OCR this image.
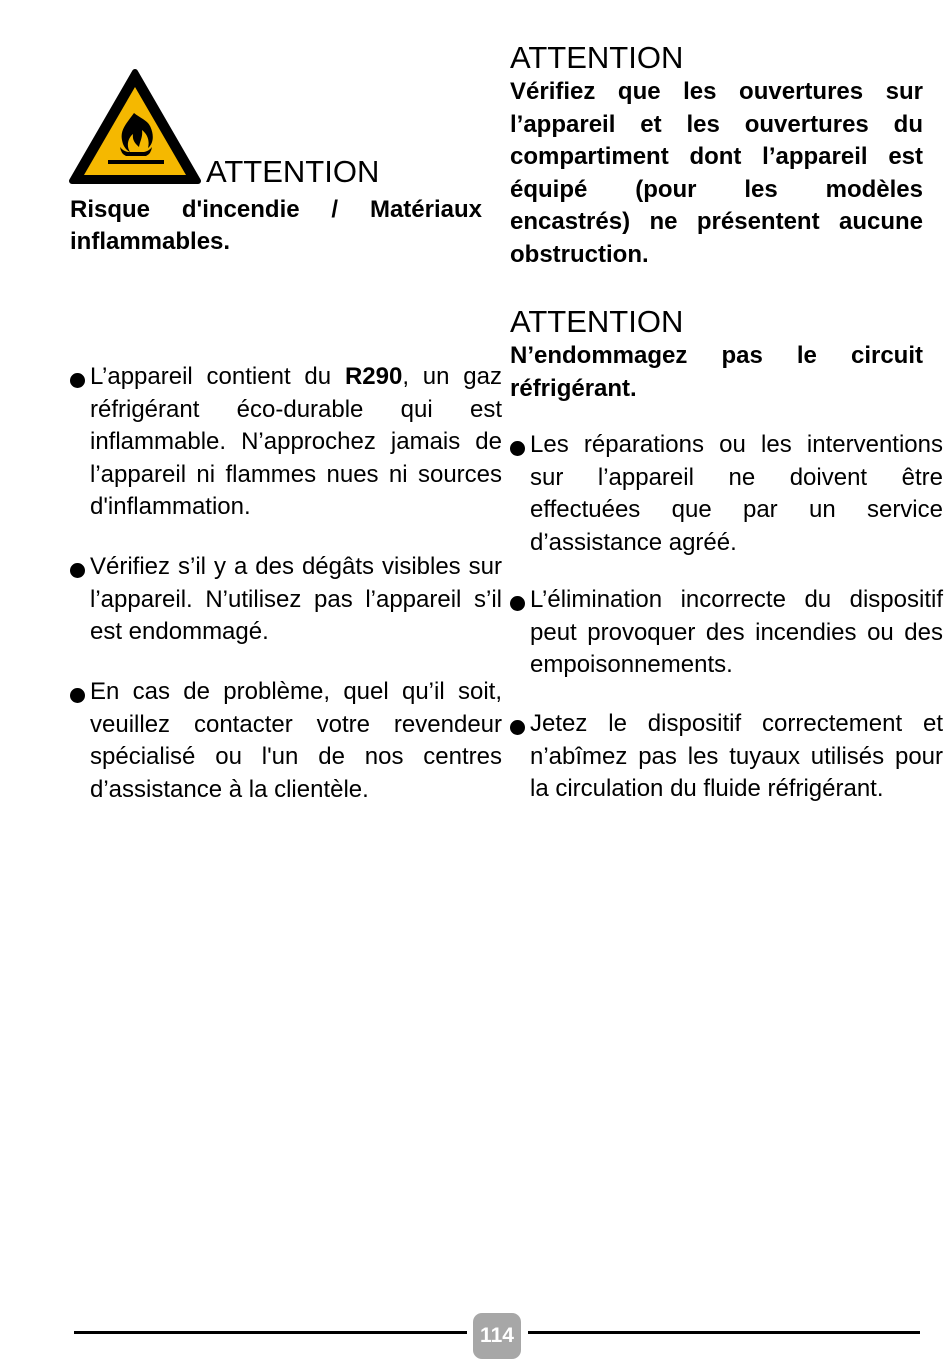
ATTENTION
Risque d'incendie / Matériaux inflammables.
L’appareil contient du R290, un gaz réfrigérant éco-durable qui est inflammable. N’approchez jamais de l’appareil ni flammes nues ni sources d'inflammation.
Vérifiez s’il y a des dégâts visibles sur l’appareil. N’utilisez pas l’appareil s’il est endommagé.
En cas de problème, quel qu’il soit, veuillez contacter votre revendeur spécialisé ou l'un de nos centres d’assistance à la clientèle.
ATTENTION
Vérifiez que les ouvertures sur l’appareil et les ouvertures du compartiment dont l’appareil est équipé (pour les modèles encastrés) ne présentent aucune obstruction.
ATTENTION
N’endommagez pas le circuit réfrigérant.
Les réparations ou les interventions sur l’appareil ne doivent être effectuées que par un service d’assistance agréé.
L’élimination incorrecte du dispositif peut provoquer des incendies ou des empoisonnements.
Jetez le dispositif correctement et n’abîmez pas les tuyaux utilisés pour la circulation du fluide réfrigérant.
114
